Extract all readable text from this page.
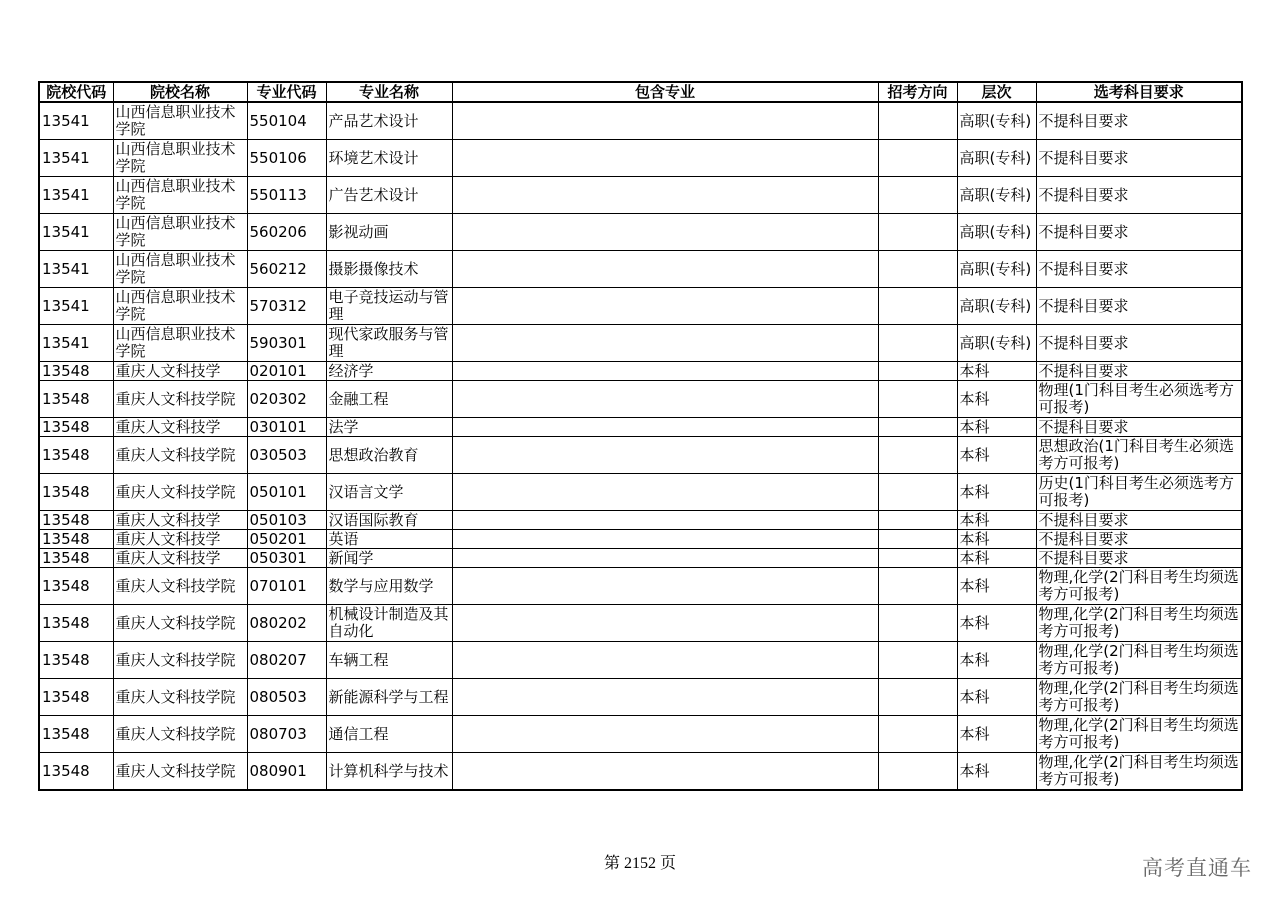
院校代码	院校名称	专业代码	专业名称	包含专业	招考方向	层次	选考科目要求
13541	山西信息职业技术学院	550104	产品艺术设计			高职(专科)	不提科目要求
13541	山西信息职业技术学院	550106	环境艺术设计			高职(专科)	不提科目要求
13541	山西信息职业技术学院	550113	广告艺术设计			高职(专科)	不提科目要求
13541	山西信息职业技术学院	560206	影视动画			高职(专科)	不提科目要求
13541	山西信息职业技术学院	560212	摄影摄像技术			高职(专科)	不提科目要求
13541	山西信息职业技术学院	570312	电子竞技运动与管理			高职(专科)	不提科目要求
13541	山西信息职业技术学院	590301	现代家政服务与管理			高职(专科)	不提科目要求
13548	重庆人文科技学	020101	经济学			本科	不提科目要求
13548	重庆人文科技学院	020302	金融工程			本科	物理(1门科目考生必须选考方可报考)
13548	重庆人文科技学	030101	法学			本科	不提科目要求
13548	重庆人文科技学院	030503	思想政治教育			本科	思想政治(1门科目考生必须选考方可报考)
13548	重庆人文科技学院	050101	汉语言文学			本科	历史(1门科目考生必须选考方可报考)
13548	重庆人文科技学	050103	汉语国际教育			本科	不提科目要求
13548	重庆人文科技学	050201	英语			本科	不提科目要求
13548	重庆人文科技学	050301	新闻学			本科	不提科目要求
13548	重庆人文科技学院	070101	数学与应用数学			本科	物理,化学(2门科目考生均须选考方可报考)
13548	重庆人文科技学院	080202	机械设计制造及其自动化			本科	物理,化学(2门科目考生均须选考方可报考)
13548	重庆人文科技学院	080207	车辆工程			本科	物理,化学(2门科目考生均须选考方可报考)
13548	重庆人文科技学院	080503	新能源科学与工程			本科	物理,化学(2门科目考生均须选考方可报考)
13548	重庆人文科技学院	080703	通信工程			本科	物理,化学(2门科目考生均须选考方可报考)
13548	重庆人文科技学院	080901	计算机科学与技术			本科	物理,化学(2门科目考生均须选考方可报考)
第 2152 页	高考直通车
